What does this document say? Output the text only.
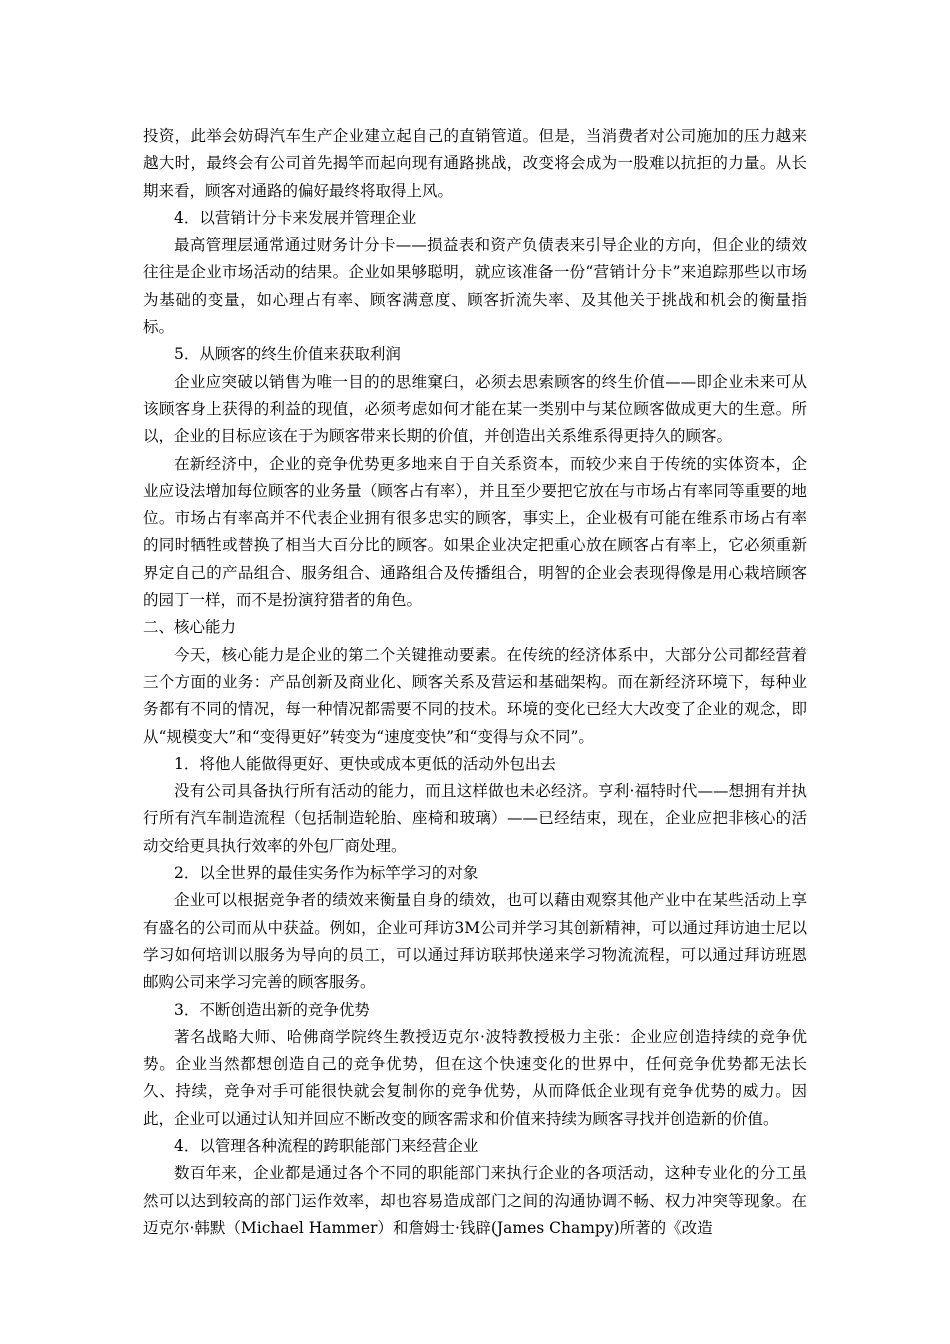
投资，此举会妨碍汽车生产企业建立起自己的直销管道。但是，当消费者对公司施加的压力越来越大时，最终会有公司首先揭竿而起向现有通路挑战，改变将会成为一股难以抗拒的力量。从长期来看，顾客对通路的偏好最终将取得上风。

4．以营销计分卡来发展并管理企业

最高管理层通常通过财务计分卡——损益表和资产负债表来引导企业的方向，但企业的绩效往往是企业市场活动的结果。企业如果够聪明，就应该准备一份“营销计分卡”来追踪那些以市场为基础的变量，如心理占有率、顾客满意度、顾客折流失率、及其他关于挑战和机会的衡量指标。

5．从顾客的终生价值来获取利润

企业应突破以销售为唯一目的的思维窠臼，必须去思索顾客的终生价值——即企业未来可从该顾客身上获得的利益的现值，必须考虑如何才能在某一类别中与某位顾客做成更大的生意。所以，企业的目标应该在于为顾客带来长期的价值，并创造出关系维系得更持久的顾客。

在新经济中，企业的竞争优势更多地来自于自关系资本，而较少来自于传统的实体资本，企业应设法增加每位顾客的业务量（顾客占有率），并且至少要把它放在与市场占有率同等重要的地位。市场占有率高并不代表企业拥有很多忠实的顾客，事实上，企业极有可能在维系市场占有率的同时牺牲或替换了相当大百分比的顾客。如果企业决定把重心放在顾客占有率上，它必须重新界定自己的产品组合、服务组合、通路组合及传播组合，明智的企业会表现得像是用心栽培顾客的园丁一样，而不是扮演狩猎者的角色。

二、核心能力

今天，核心能力是企业的第二个关键推动要素。在传统的经济体系中，大部分公司都经营着三个方面的业务：产品创新及商业化、顾客关系及营运和基础架构。而在新经济环境下，每种业务都有不同的情况，每一种情况都需要不同的技术。环境的变化已经大大改变了企业的观念，即从“规模变大”和“变得更好”转变为“速度变快”和“变得与众不同”。

1．将他人能做得更好、更快或成本更低的活动外包出去

没有公司具备执行所有活动的能力，而且这样做也未必经济。亨利·福特时代——想拥有并执行所有汽车制造流程（包括制造轮胎、座椅和玻璃）——已经结束，现在，企业应把非核心的活动交给更具执行效率的外包厂商处理。

2．以全世界的最佳实务作为标竿学习的对象

企业可以根据竞争者的绩效来衡量自身的绩效，也可以藉由观察其他产业中在某些活动上享有盛名的公司而从中获益。例如，企业可拜访3M公司并学习其创新精神，可以通过拜访迪士尼以学习如何培训以服务为导向的员工，可以通过拜访联邦快递来学习物流流程，可以通过拜访班恩邮购公司来学习完善的顾客服务。

3．不断创造出新的竞争优势

著名战略大师、哈佛商学院终生教授迈克尔·波特教授极力主张：企业应创造持续的竞争优势。企业当然都想创造自己的竞争优势，但在这个快速变化的世界中，任何竞争优势都无法长久、持续，竞争对手可能很快就会复制你的竞争优势，从而降低企业现有竞争优势的威力。因此，企业可以通过认知并回应不断改变的顾客需求和价值来持续为顾客寻找并创造新的价值。

4．以管理各种流程的跨职能部门来经营企业

数百年来，企业都是通过各个不同的职能部门来执行企业的各项活动，这种专业化的分工虽然可以达到较高的部门运作效率，却也容易造成部门之间的沟通协调不畅、权力冲突等现象。在迈克尔·韩默（Michael Hammer）和詹姆士·钱辟(James Champy)所著的《改造
